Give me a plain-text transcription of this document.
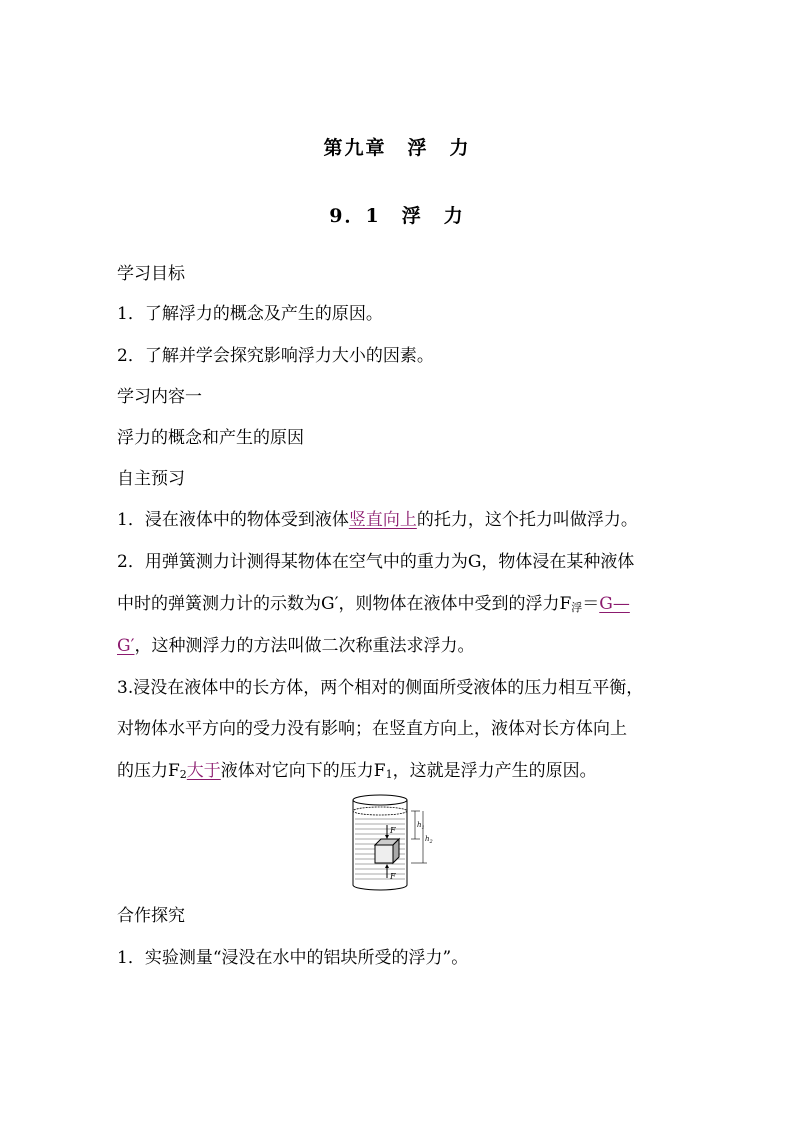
第九章　浮　力
9．1　浮　力
学习目标
1．了解浮力的概念及产生的原因。
2．了解并学会探究影响浮力大小的因素。
学习内容一
浮力的概念和产生的原因
自主预习
1．浸在液体中的物体受到液体竖直向上的托力，这个托力叫做浮力。
2．用弹簧测力计测得某物体在空气中的重力为G，物体浸在某种液体
中时的弹簧测力计的示数为G′，则物体在液体中受到的浮力$F_浮=G—$
G′，这种测浮力的方法叫做二次称重法求浮力。
3.浸没在液体中的长方体，两个相对的侧面所受液体的压力相互平衡，
对物体水平方向的受力没有影响；在竖直方向上，液体对长方体向上
的压力$F_2$大于液体对它向下的压力$F_1$，这就是浮力产生的原因。
F
F
$h_1$
$h_2$
合作探究
1．实验测量“浸没在水中的铝块所受的浮力”。
